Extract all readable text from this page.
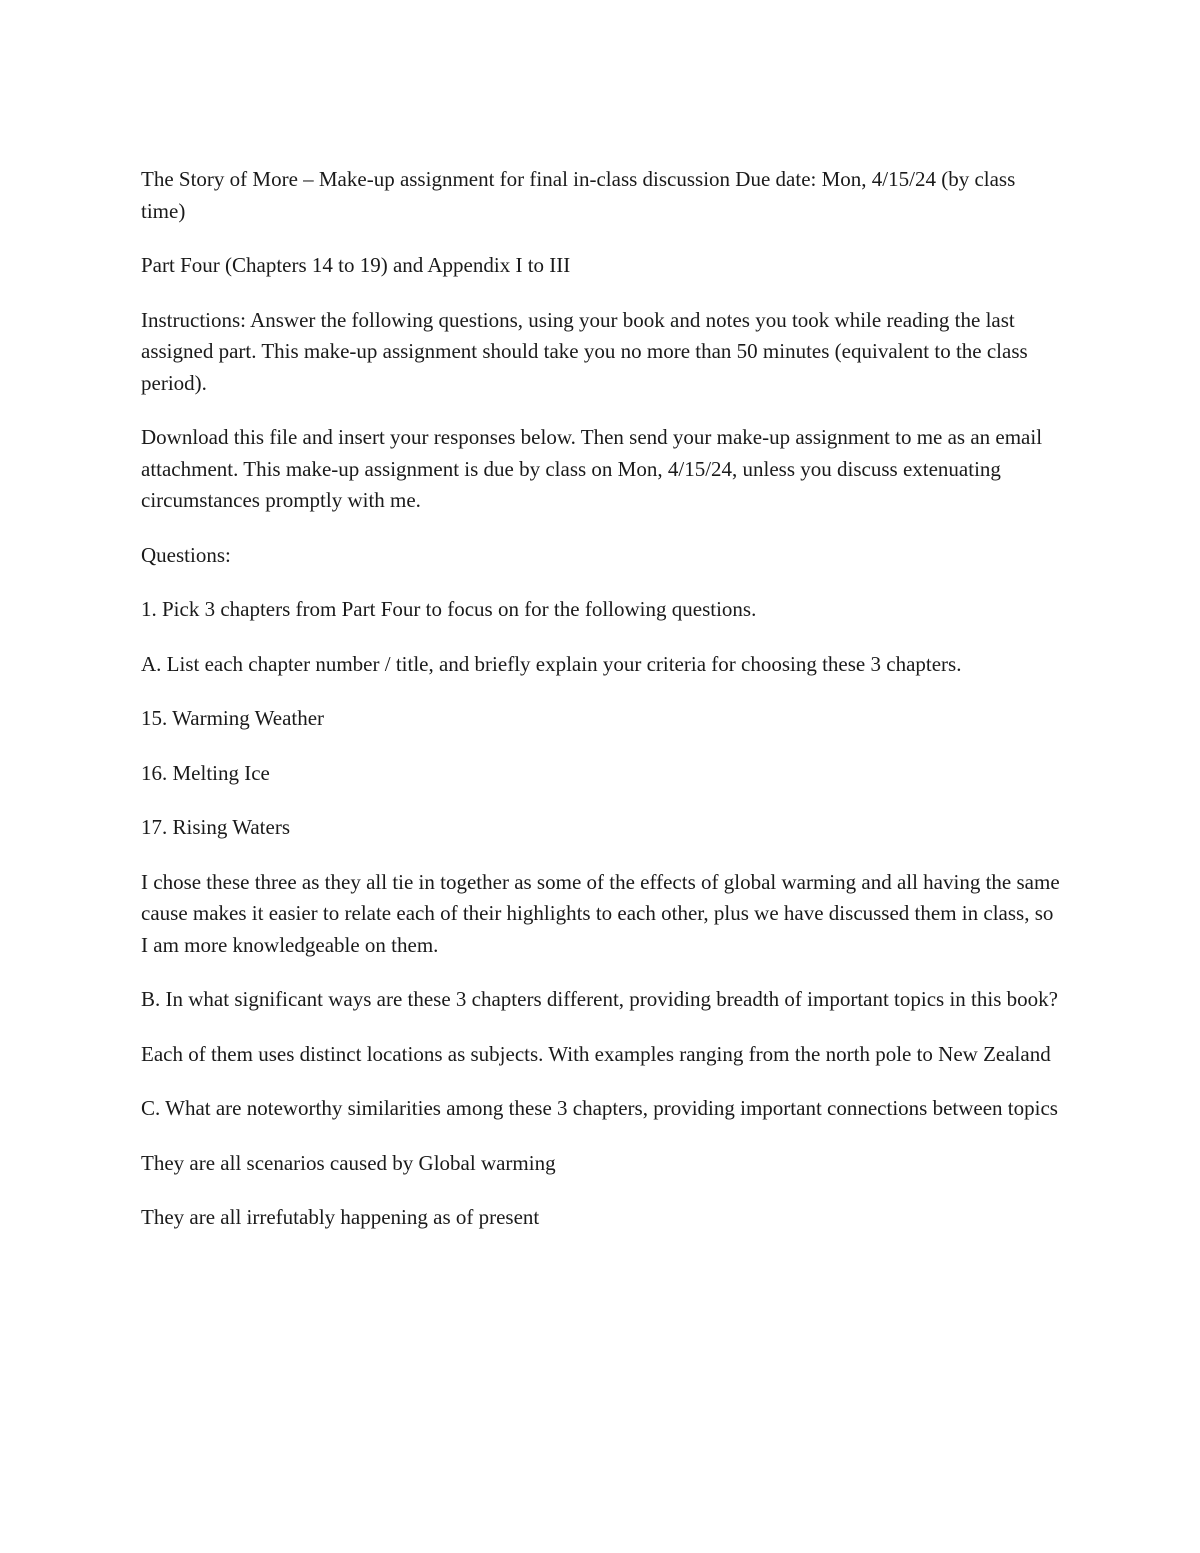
The Story of More – Make-up assignment for final in-class discussion Due date: Mon, 4/15/24 (by class time)

Part Four (Chapters 14 to 19) and Appendix I to III

Instructions: Answer the following questions, using your book and notes you took while reading the last assigned part. This make-up assignment should take you no more than 50 minutes (equivalent to the class period).

Download this file and insert your responses below. Then send your make-up assignment to me as an email attachment. This make-up assignment is due by class on Mon, 4/15/24, unless you discuss extenuating circumstances promptly with me.

Questions:

1. Pick 3 chapters from Part Four to focus on for the following questions.

A. List each chapter number / title, and briefly explain your criteria for choosing these 3 chapters.

15. Warming Weather

16. Melting Ice

17. Rising Waters

I chose these three as they all tie in together as some of the effects of global warming and all having the same cause makes it easier to relate each of their highlights to each other, plus we have discussed them in class, so I am more knowledgeable on them.

B. In what significant ways are these 3 chapters different, providing breadth of important topics in this book?

Each of them uses distinct locations as subjects. With examples ranging from the north pole to New Zealand

C. What are noteworthy similarities among these 3 chapters, providing important connections between topics

They are all scenarios caused by Global warming

They are all irrefutably happening as of present
